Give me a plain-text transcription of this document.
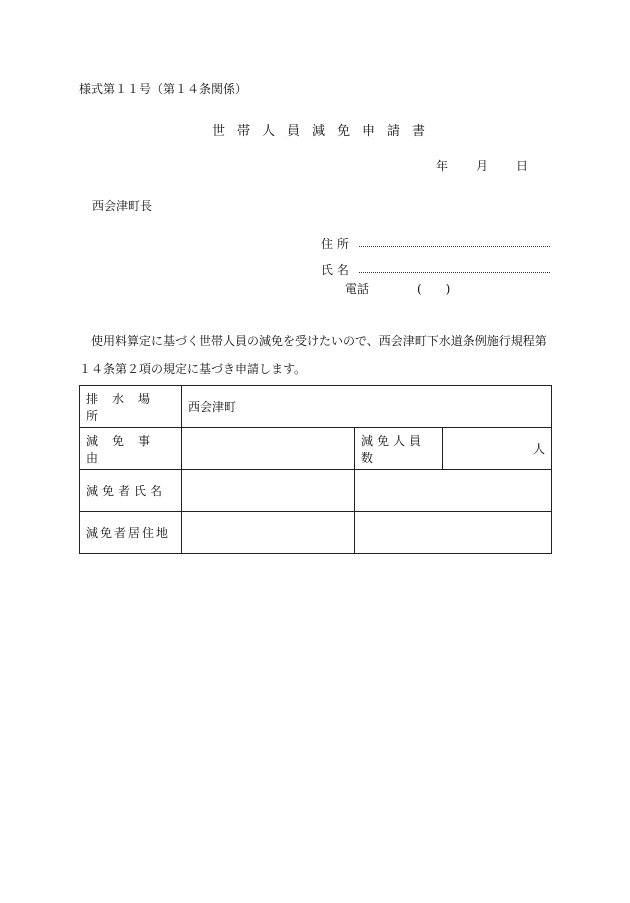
様式第１１号（第１４条関係）
世帯人員減免申請書
年 月 日
西会津町長
住 所
氏 名
電話	(　　)
使用料算定に基づく世帯人員の減免を受けたいので、西会津町下水道条例施行規程第１４条第２項の規定に基づき申請します。
排水場所	西会津町		
減免事由		減免人員数	人
減免者氏名			
減免者居住地			
